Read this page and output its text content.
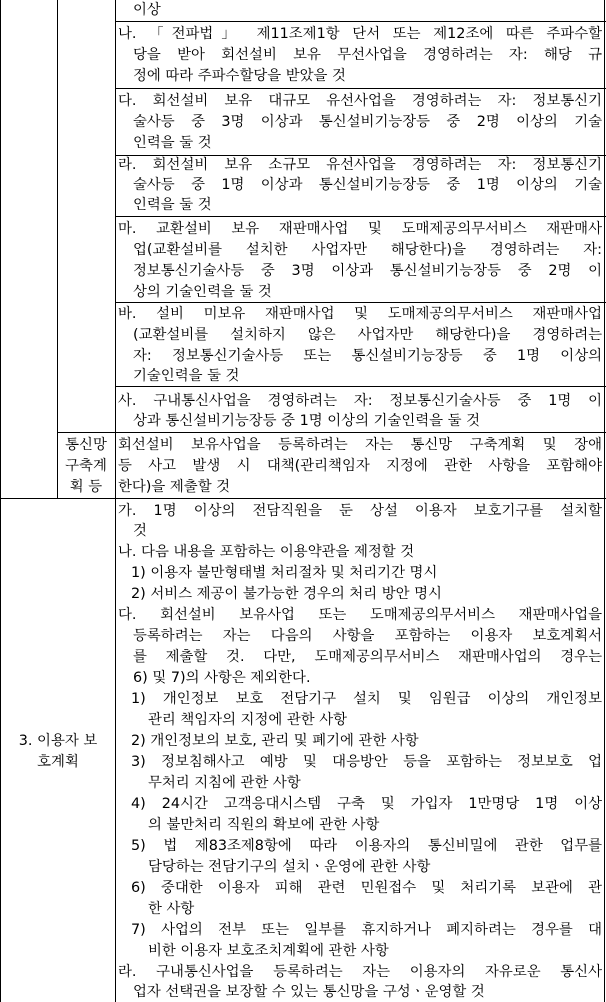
이상
나. 「전파법」 제11조제1항 단서 또는 제12조에 따른 주파수할
당을 받아 회선설비 보유 무선사업을 경영하려는 자: 해당 규
정에 따라 주파수할당을 받았을 것
다. 회선설비 보유 대규모 유선사업을 경영하려는 자: 정보통신기
술사등 중 3명 이상과 통신설비기능장등 중 2명 이상의 기술
인력을 둘 것
라. 회선설비 보유 소규모 유선사업을 경영하려는 자: 정보통신기
술사등 중 1명 이상과 통신설비기능장등 중 1명 이상의 기술
인력을 둘 것
마. 교환설비 보유 재판매사업 및 도매제공의무서비스 재판매사
업(교환설비를 설치한 사업자만 해당한다)을 경영하려는 자:
정보통신기술사등 중 3명 이상과 통신설비기능장등 중 2명 이
상의 기술인력을 둘 것
바. 설비 미보유 재판매사업 및 도매제공의무서비스 재판매사업
(교환설비를 설치하지 않은 사업자만 해당한다)을 경영하려는
자: 정보통신기술사등 또는 통신설비기능장등 중 1명 이상의
기술인력을 둘 것
사. 구내통신사업을 경영하려는 자: 정보통신기술사등 중 1명 이
상과 통신설비기능장등 중 1명 이상의 기술인력을 둘 것
통신망
구축계
획 등
회선설비 보유사업을 등록하려는 자는 통신망 구축계획 및 장애
등 사고 발생 시 대책(관리책임자 지정에 관한 사항을 포함해야
한다)을 제출할 것
3. 이용자 보
호계획
가. 1명 이상의 전담직원을 둔 상설 이용자 보호기구를 설치할
것
나. 다음 내용을 포함하는 이용약관을 제정할 것
1) 이용자 불만형태별 처리절차 및 처리기간 명시
2) 서비스 제공이 불가능한 경우의 처리 방안 명시
다. 회선설비 보유사업 또는 도매제공의무서비스 재판매사업을
등록하려는 자는 다음의 사항을 포함하는 이용자 보호계획서
를 제출할 것. 다만, 도매제공의무서비스 재판매사업의 경우는
6) 및 7)의 사항은 제외한다.
1) 개인정보 보호 전담기구 설치 및 임원급 이상의 개인정보
관리 책임자의 지정에 관한 사항
2) 개인정보의 보호, 관리 및 폐기에 관한 사항
3) 정보침해사고 예방 및 대응방안 등을 포함하는 정보보호 업
무처리 지침에 관한 사항
4) 24시간 고객응대시스템 구축 및 가입자 1만명당 1명 이상
의 불만처리 직원의 확보에 관한 사항
5) 법 제83조제8항에 따라 이용자의 통신비밀에 관한 업무를
담당하는 전담기구의 설치ㆍ운영에 관한 사항
6) 중대한 이용자 피해 관련 민원접수 및 처리기록 보관에 관
한 사항
7) 사업의 전부 또는 일부를 휴지하거나 폐지하려는 경우를 대
비한 이용자 보호조치계획에 관한 사항
라. 구내통신사업을 등록하려는 자는 이용자의 자유로운 통신사
업자 선택권을 보장할 수 있는 통신망을 구성ㆍ운영할 것
